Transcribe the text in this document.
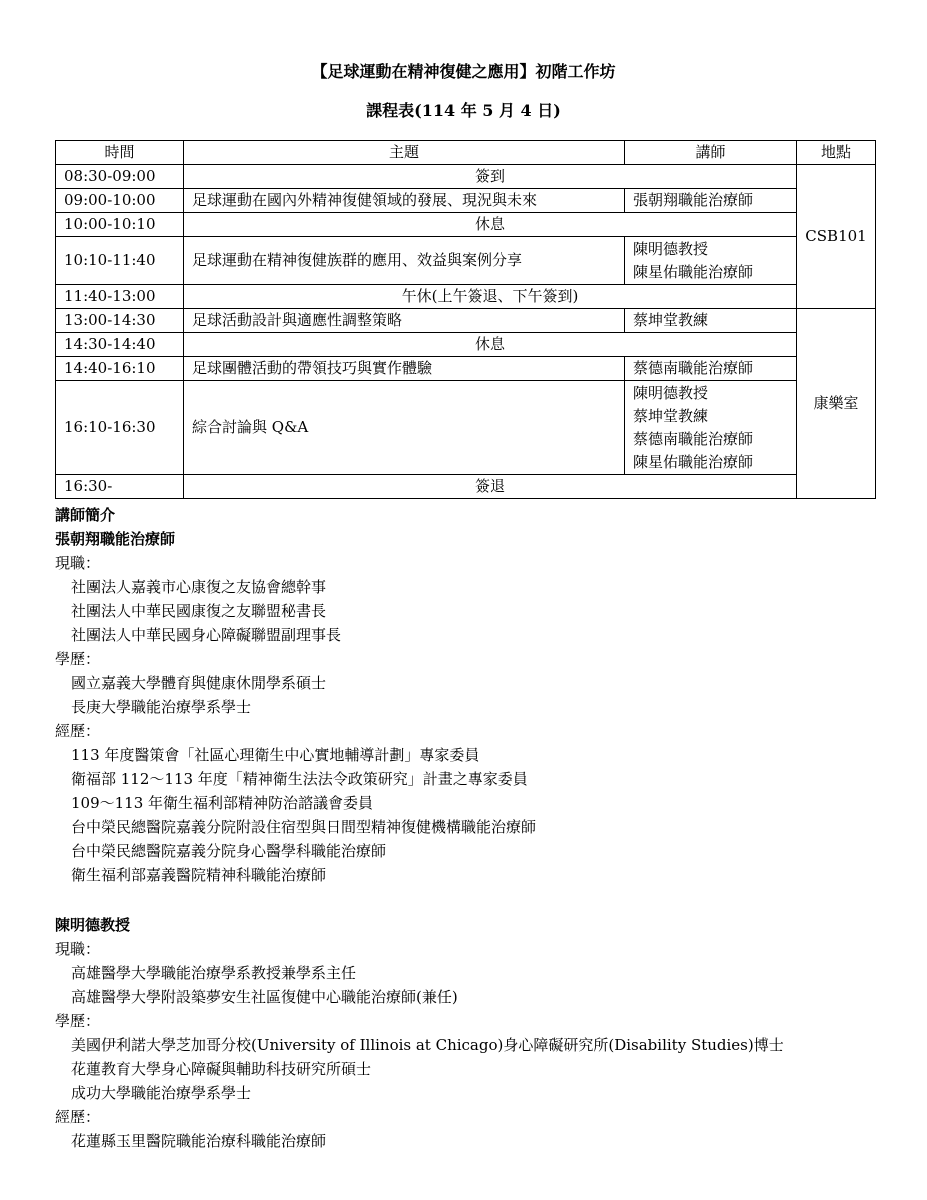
【足球運動在精神復健之應用】初階工作坊
課程表(114 年 5 月 4 日)
時間	主題	講師	地點
08:30-09:00	簽到		CSB101
09:00-10:00	足球運動在國內外精神復健領域的發展、現況與未來	張朝翔職能治療師	

10:00-10:10	休息		
10:10-11:40	足球運動在精神復健族群的應用、效益與案例分享	陳明德教授
陳星佑職能治療師	

11:40-13:00	午休(上午簽退、下午簽到)		
13:00-14:30	足球活動設計與適應性調整策略	蔡坤堂教練	康樂室
14:30-14:40	休息		
14:40-16:10	足球團體活動的帶領技巧與實作體驗	蔡德南職能治療師	

16:10-16:30	綜合討論與 Q&A	陳明德教授
蔡坤堂教練
蔡德南職能治療師
陳星佑職能治療師	

16:30-	簽退		
講師簡介
張朝翔職能治療師
現職：
社團法人嘉義市心康復之友協會總幹事
社團法人中華民國康復之友聯盟秘書長
社團法人中華民國身心障礙聯盟副理事長
學歷：
國立嘉義大學體育與健康休閒學系碩士
長庚大學職能治療學系學士
經歷：
113 年度醫策會「社區心理衛生中心實地輔導計劃」專家委員
衛福部 112～113 年度「精神衛生法法令政策研究」計畫之專家委員
109～113 年衛生福利部精神防治諮議會委員
台中榮民總醫院嘉義分院附設住宿型與日間型精神復健機構職能治療師
台中榮民總醫院嘉義分院身心醫學科職能治療師
衛生福利部嘉義醫院精神科職能治療師
陳明德教授
現職：
高雄醫學大學職能治療學系教授兼學系主任
高雄醫學大學附設築夢安生社區復健中心職能治療師(兼任)
學歷：
美國伊利諾大學芝加哥分校(University of Illinois at Chicago)身心障礙研究所(Disability Studies)博士
花蓮教育大學身心障礙與輔助科技研究所碩士
成功大學職能治療學系學士
經歷：
花蓮縣玉里醫院職能治療科職能治療師
